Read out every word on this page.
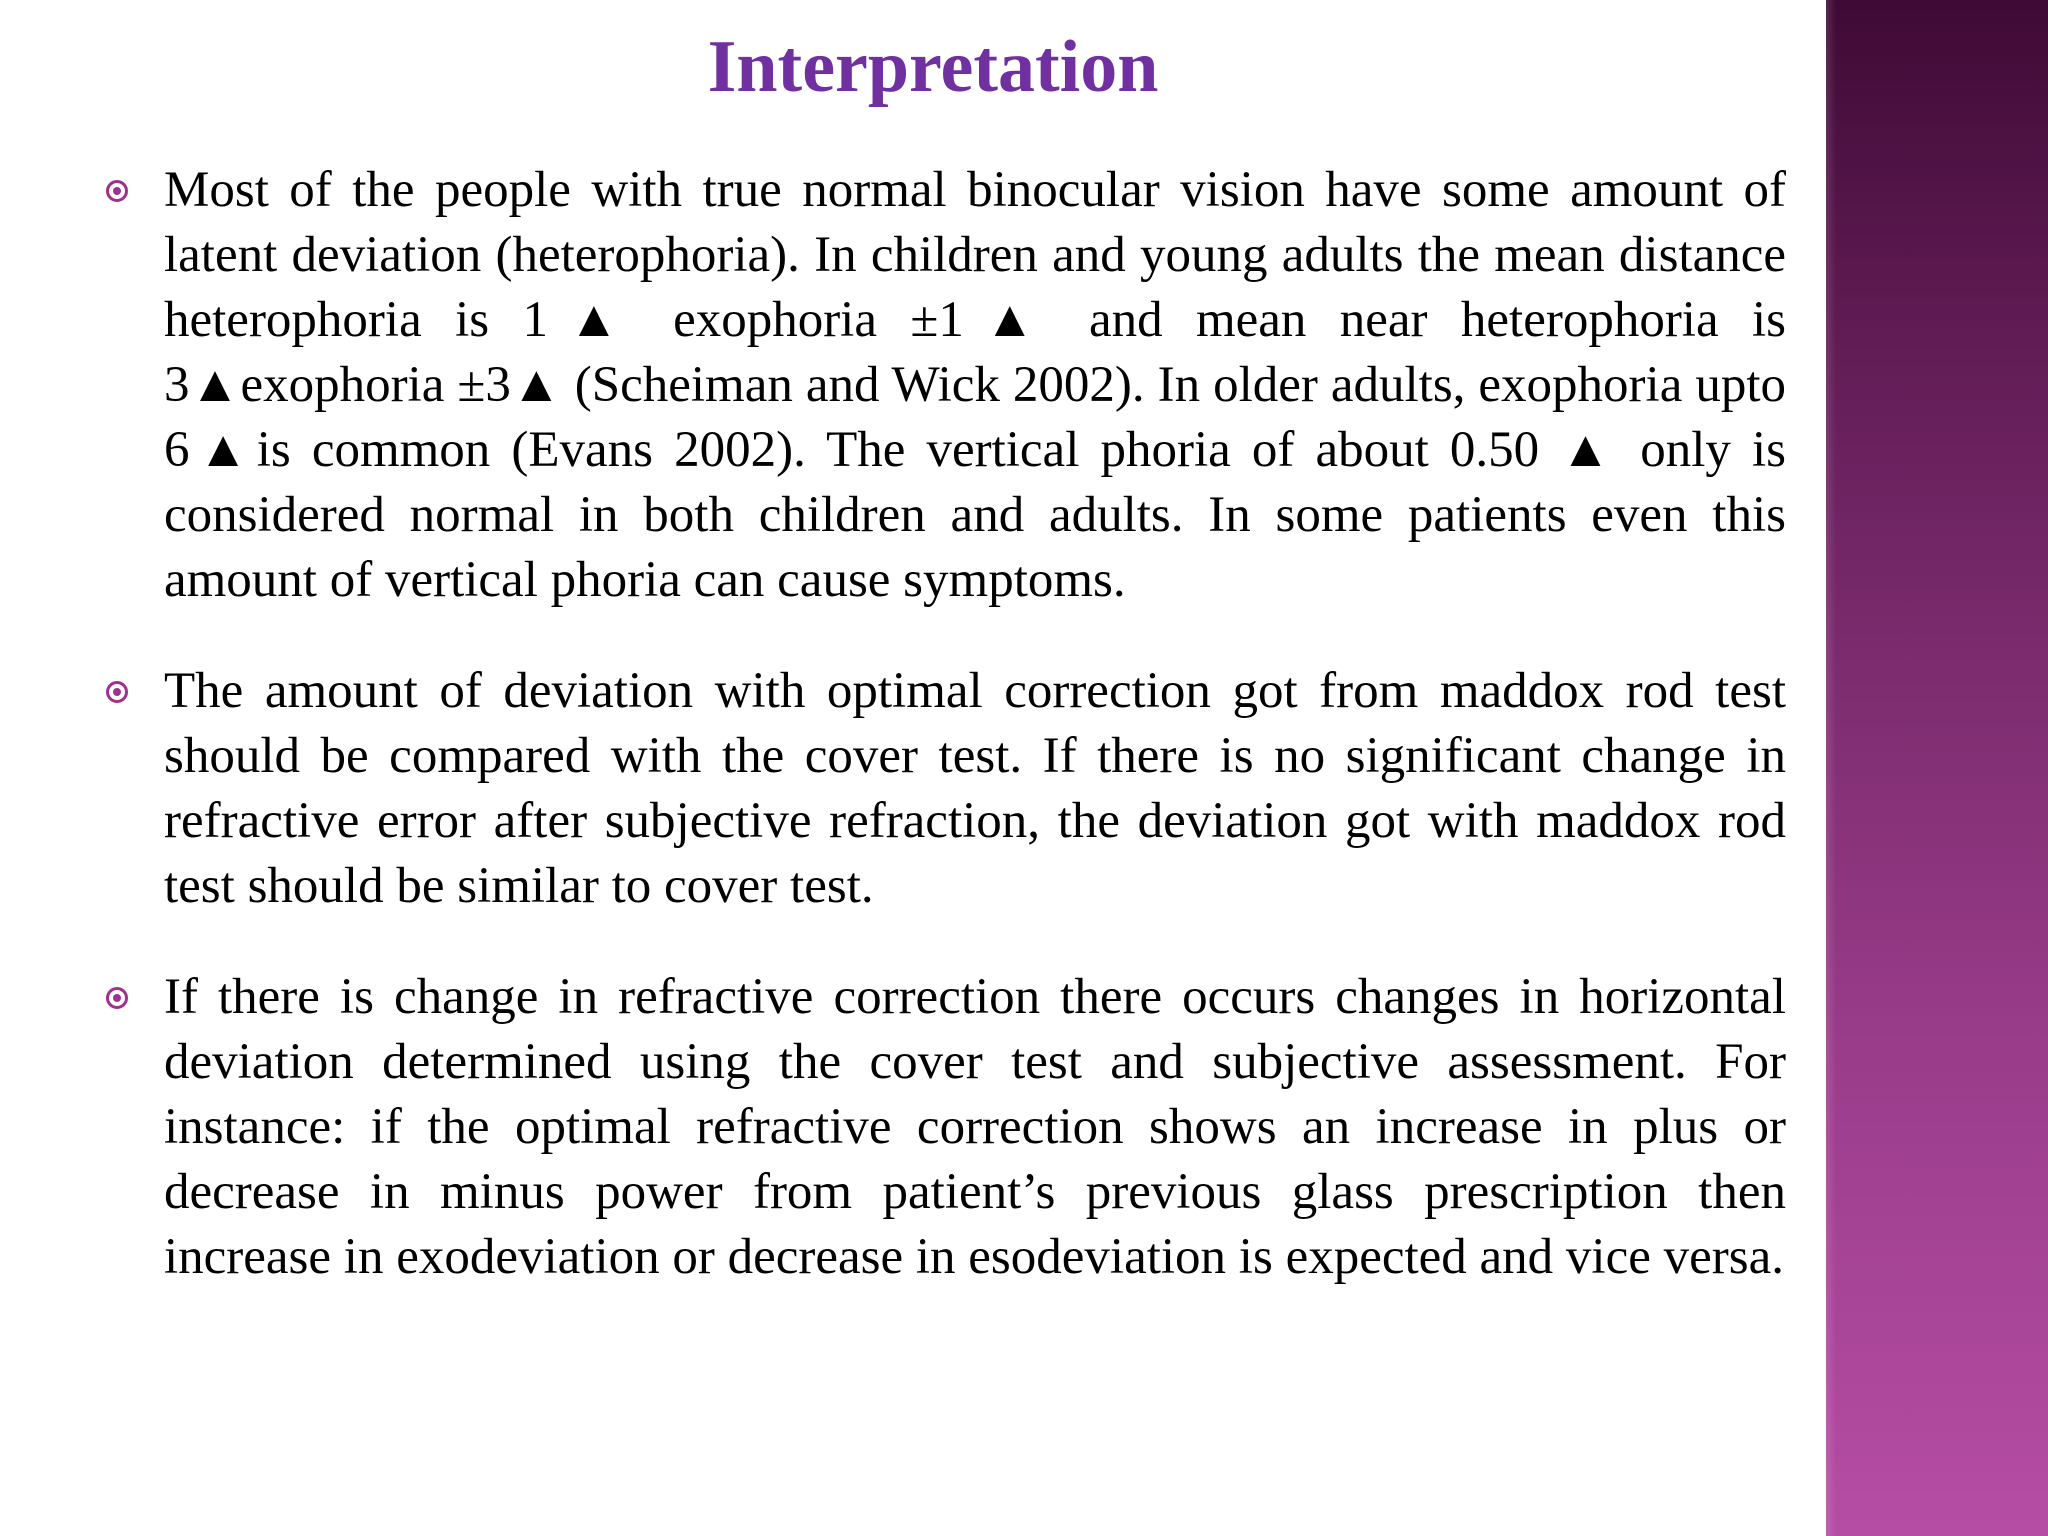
Interpretation
Most of the people with true normal binocular vision have some amount of latent deviation (heterophoria). In children and young adults the mean distance heterophoria is 1▲ exophoria ±1▲ and mean near heterophoria is 3▲exophoria ±3▲ (Scheiman and Wick 2002). In older adults, exophoria upto 6▲is common (Evans 2002). The vertical phoria of about 0.50 ▲ only is considered normal in both children and adults. In some patients even this amount of vertical phoria can cause symptoms.
The amount of deviation with optimal correction got from maddox rod test should be compared with the cover test. If there is no significant change in refractive error after subjective refraction, the deviation got with maddox rod test should be similar to cover test.
If there is change in refractive correction there occurs changes in horizontal deviation determined using the cover test and subjective assessment. For instance: if the optimal refractive correction shows an increase in plus or decrease in minus power from patient’s previous glass prescription then increase in exodeviation or decrease in esodeviation is expected and vice versa.
